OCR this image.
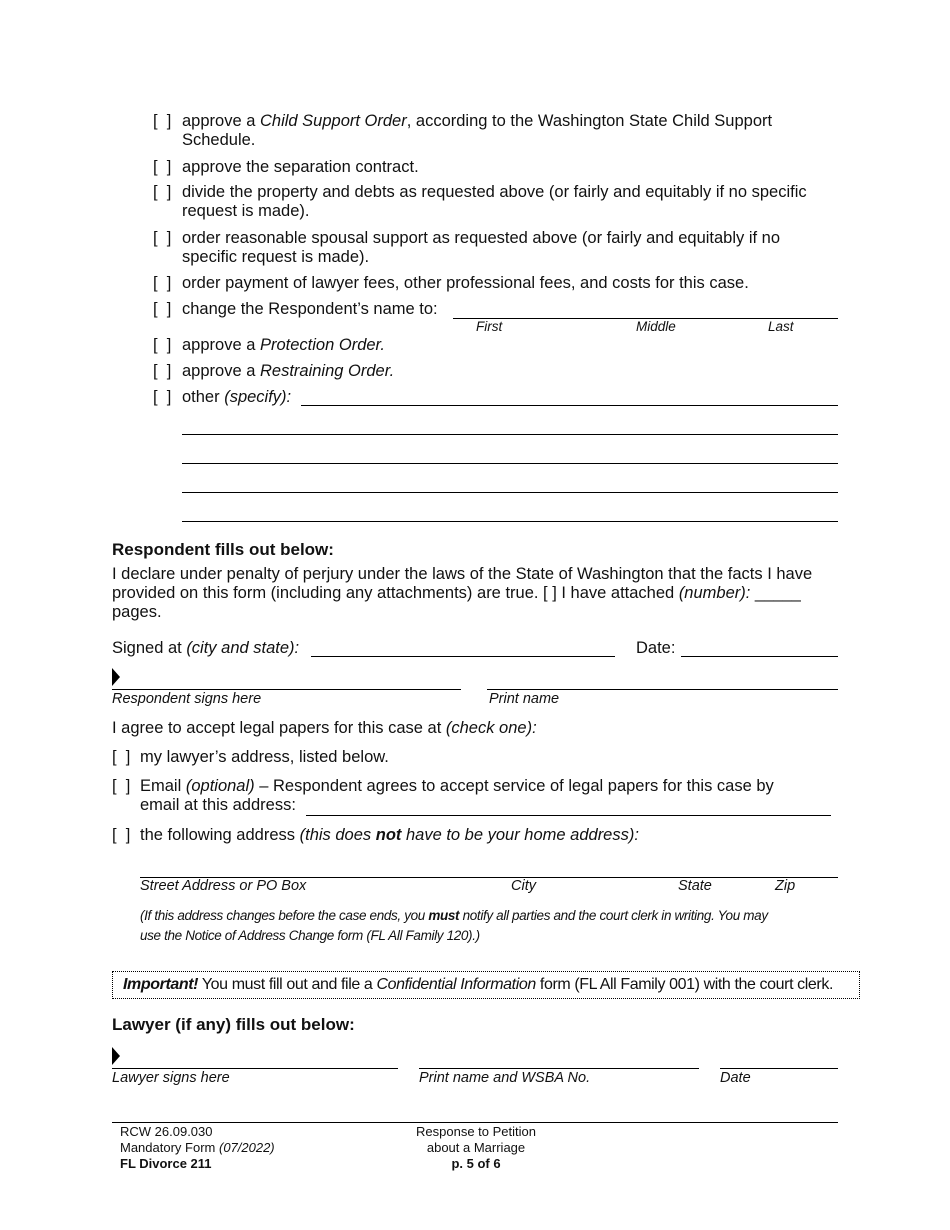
[  ] approve a Child Support Order, according to the Washington State Child Support
Schedule.
[  ] approve the separation contract.
[  ] divide the property and debts as requested above (or fairly and equitably if no specific
request is made).
[  ] order reasonable spousal support as requested above (or fairly and equitably if no
specific request is made).
[  ] order payment of lawyer fees, other professional fees, and costs for this case.
[  ] change the Respondent’s name to:
First	Middle	Last
[  ] approve a Protection Order.
[  ] approve a Restraining Order.
[  ] other (specify):
Respondent fills out below:
I declare under penalty of perjury under the laws of the State of Washington that the facts I have
provided on this form (including any attachments) are true. [ ] I have attached (number): _____
pages.
Signed at (city and state):	Date:
Respondent signs here	Print name
I agree to accept legal papers for this case at (check one):
[  ] my lawyer’s address, listed below.
[  ] Email (optional) – Respondent agrees to accept service of legal papers for this case by
email at this address:
[  ] the following address (this does not have to be your home address):
Street Address or PO Box	City	State	Zip
(If this address changes before the case ends, you must notify all parties and the court clerk in writing. You may
use the Notice of Address Change form (FL All Family 120).)
Important! You must fill out and file a Confidential Information form (FL All Family 001) with the court clerk.
Lawyer (if any) fills out below:
Lawyer signs here	Print name and WSBA No.	Date
RCW 26.09.030
Mandatory Form (07/2022)
FL Divorce 211
Response to Petition
about a Marriage
p. 5 of 6
